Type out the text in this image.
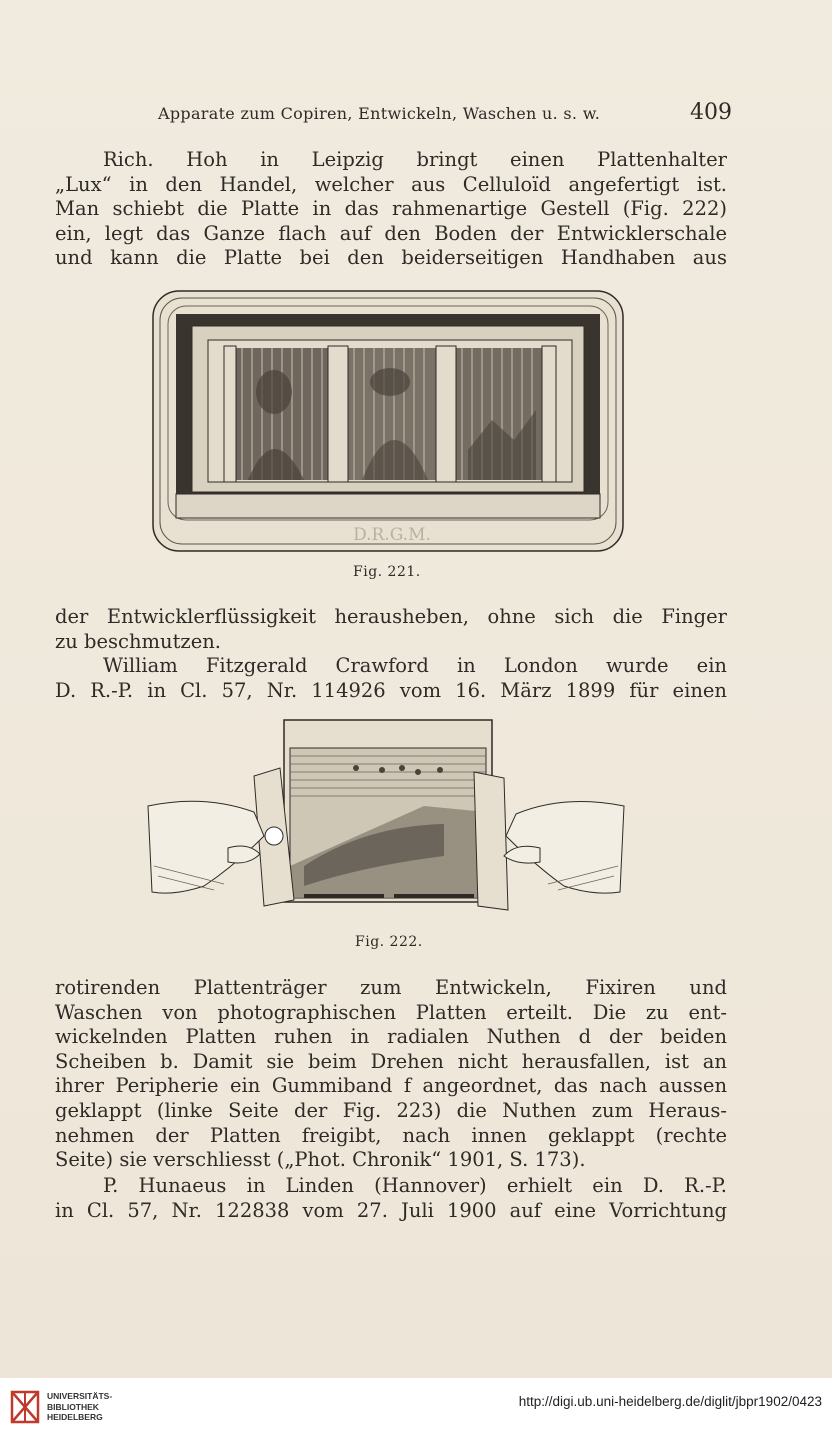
Apparate zum Copiren, Entwickeln, Waschen u. s. w.	409
Rich. Hoh in Leipzig bringt einen Plattenhalter
„Lux“ in den Handel, welcher aus Celluloïd angefertigt ist.
Man schiebt die Platte in das rahmenartige Gestell (Fig. 222)
ein, legt das Ganze flach auf den Boden der Entwicklerschale
und kann die Platte bei den beiderseitigen Handhaben aus
D.R.G.M.
Fig. 221.
der Entwicklerflüssigkeit herausheben, ohne sich die Finger
zu beschmutzen.
William Fitzgerald Crawford in London wurde ein
D. R.-P. in Cl. 57, Nr. 114926 vom 16. März 1899 für einen
Fig. 222.
rotirenden Plattenträger zum Entwickeln, Fixiren und
Waschen von photographischen Platten erteilt. Die zu ent-
wickelnden Platten ruhen in radialen Nuthen d der beiden
Scheiben b. Damit sie beim Drehen nicht herausfallen, ist an
ihrer Peripherie ein Gummiband f angeordnet, das nach aussen
geklappt (linke Seite der Fig. 223) die Nuthen zum Heraus-
nehmen der Platten freigibt, nach innen geklappt (rechte
Seite) sie verschliesst („Phot. Chronik“ 1901, S. 173).
P. Hunaeus in Linden (Hannover) erhielt ein D. R.-P.
in Cl. 57, Nr. 122838 vom 27. Juli 1900 auf eine Vorrichtung
UNIVERSITÄTS-
BIBLIOTHEK
HEIDELBERG
http://digi.ub.uni-heidelberg.de/diglit/jbpr1902/0423
